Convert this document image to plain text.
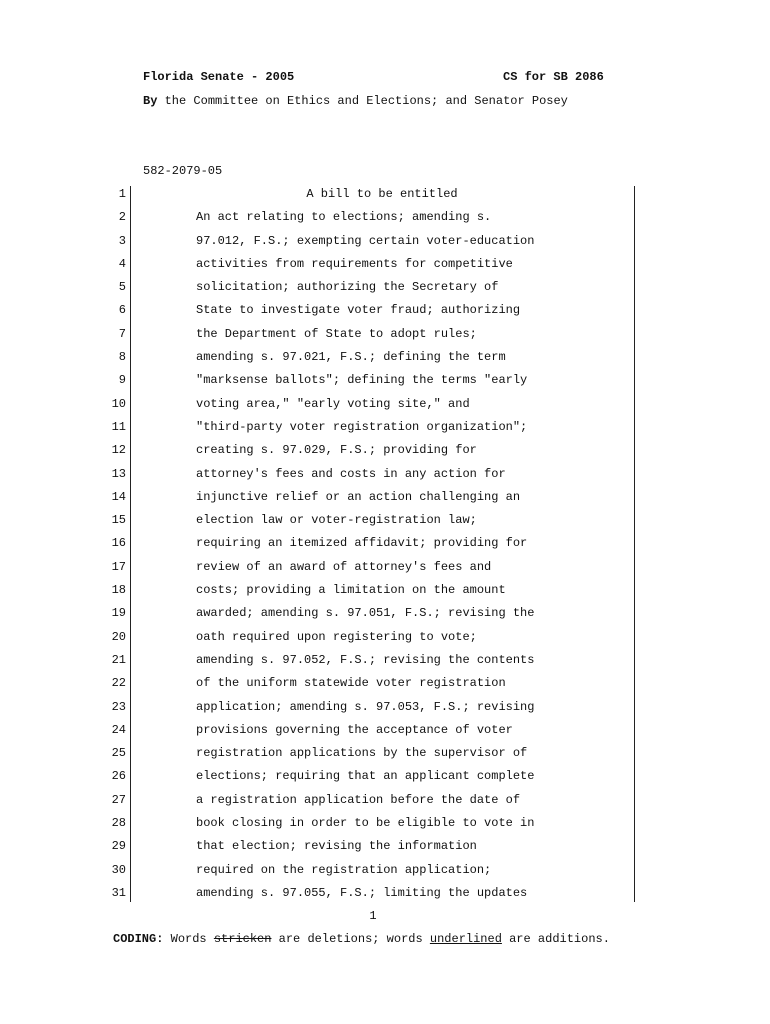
Florida Senate - 2005	CS for SB 2086
By the Committee on Ethics and Elections; and Senator Posey
582-2079-05
1	A bill to be entitled
2	An act relating to elections; amending s.
3	97.012, F.S.; exempting certain voter-education
4	activities from requirements for competitive
5	solicitation; authorizing the Secretary of
6	State to investigate voter fraud; authorizing
7	the Department of State to adopt rules;
8	amending s. 97.021, F.S.; defining the term
9	"marksense ballots"; defining the terms "early
10	voting area," "early voting site," and
11	"third-party voter registration organization";
12	creating s. 97.029, F.S.; providing for
13	attorney's fees and costs in any action for
14	injunctive relief or an action challenging an
15	election law or voter-registration law;
16	requiring an itemized affidavit; providing for
17	review of an award of attorney's fees and
18	costs; providing a limitation on the amount
19	awarded; amending s. 97.051, F.S.; revising the
20	oath required upon registering to vote;
21	amending s. 97.052, F.S.; revising the contents
22	of the uniform statewide voter registration
23	application; amending s. 97.053, F.S.; revising
24	provisions governing the acceptance of voter
25	registration applications by the supervisor of
26	elections; requiring that an applicant complete
27	a registration application before the date of
28	book closing in order to be eligible to vote in
29	that election; revising the information
30	required on the registration application;
31	amending s. 97.055, F.S.; limiting the updates
1
CODING: Words stricken are deletions; words underlined are additions.
